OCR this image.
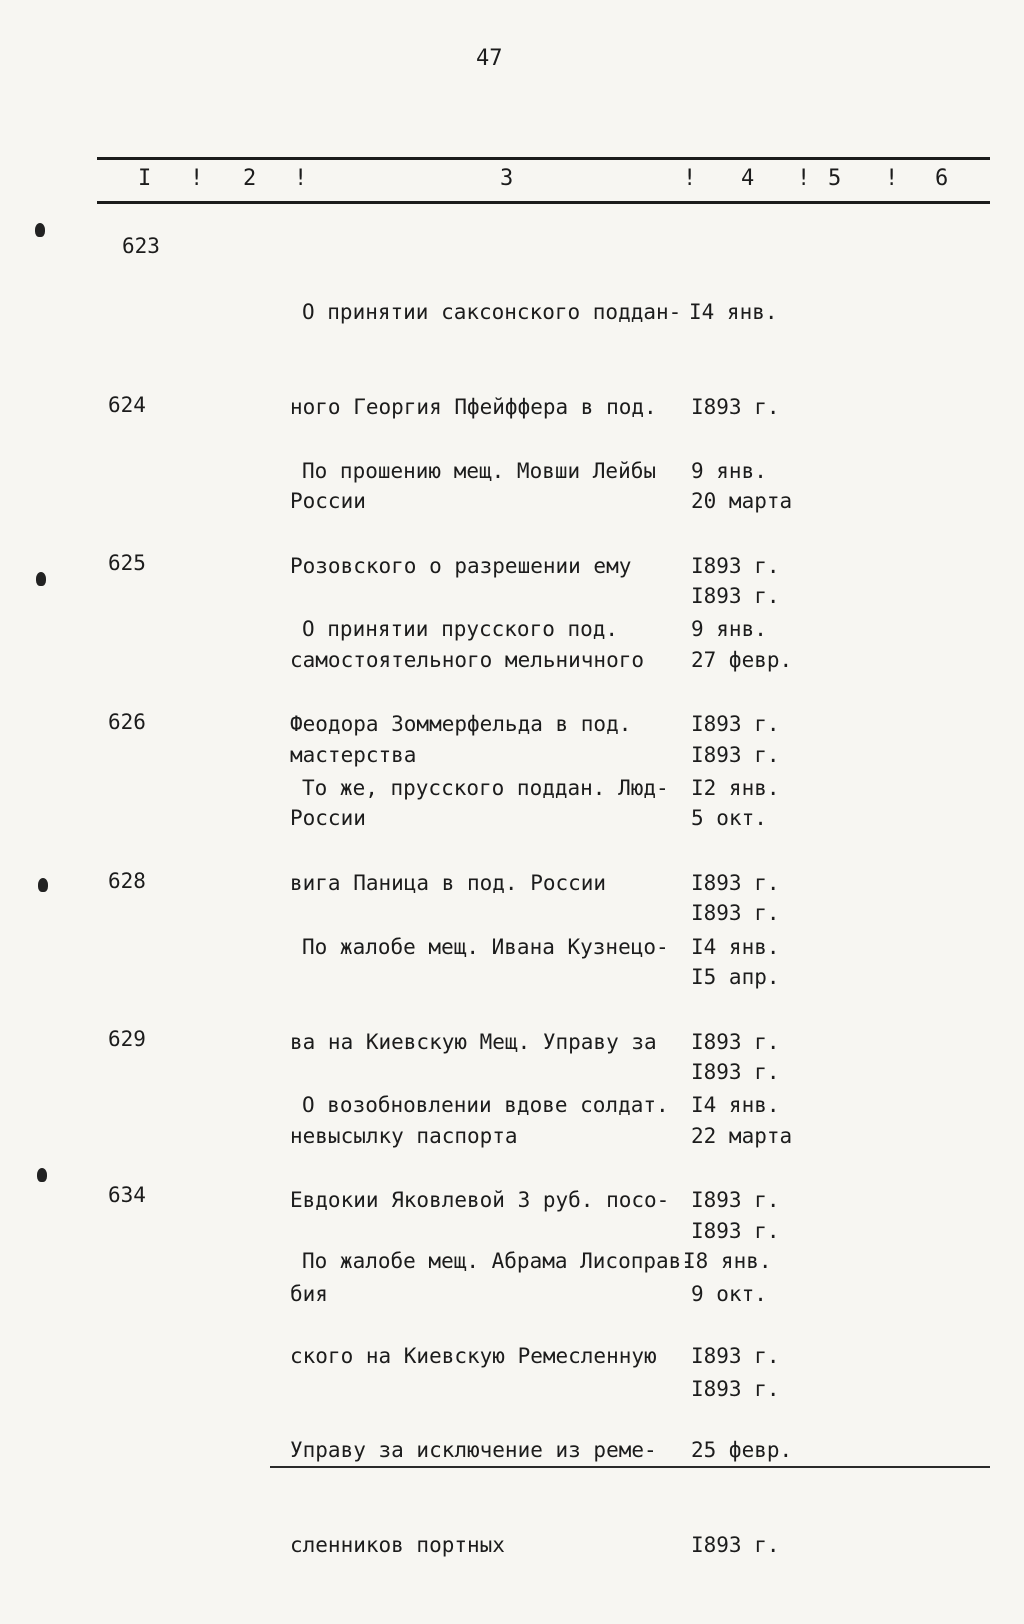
47
I ! 2 !	3	! 4 ! 5 ! 6
623

О принятии саксонского поддан-

ного Георгия Пфейффера в под.

России

I4 янв.

I893 г.

20 марта

I893 г.

624

По прошению мещ. Мовши Лейбы

Розовского о разрешении ему

самостоятельного мельничного

мастерства

9 янв.

I893 г.

27 февр.

I893 г.

625

О принятии прусского под.

Феодора Зоммерфельда в под.

России

9 янв.

I893 г.

5 окт.

I893 г.

626

То же, прусского поддан. Люд-

вига Паница в под. России

I2 янв.

I893 г.

I5 апр.

I893 г.

628

По жалобе мещ. Ивана Кузнецо-

ва на Киевскую Мещ. Управу за

невысылку паспорта

I4 янв.

I893 г.

22 марта

I893 г.

629

О возобновлении вдове солдат.

Евдокии Яковлевой 3 руб. посо-

бия

I4 янв.

I893 г.

9 окт.

I893 г.

634

По жалобе мещ. Абрама Лисоправ-

ского на Киевскую Ремесленную

Управу за исключение из реме-

сленников портных

I8 янв.

I893 г.

25 февр.

I893 г.
